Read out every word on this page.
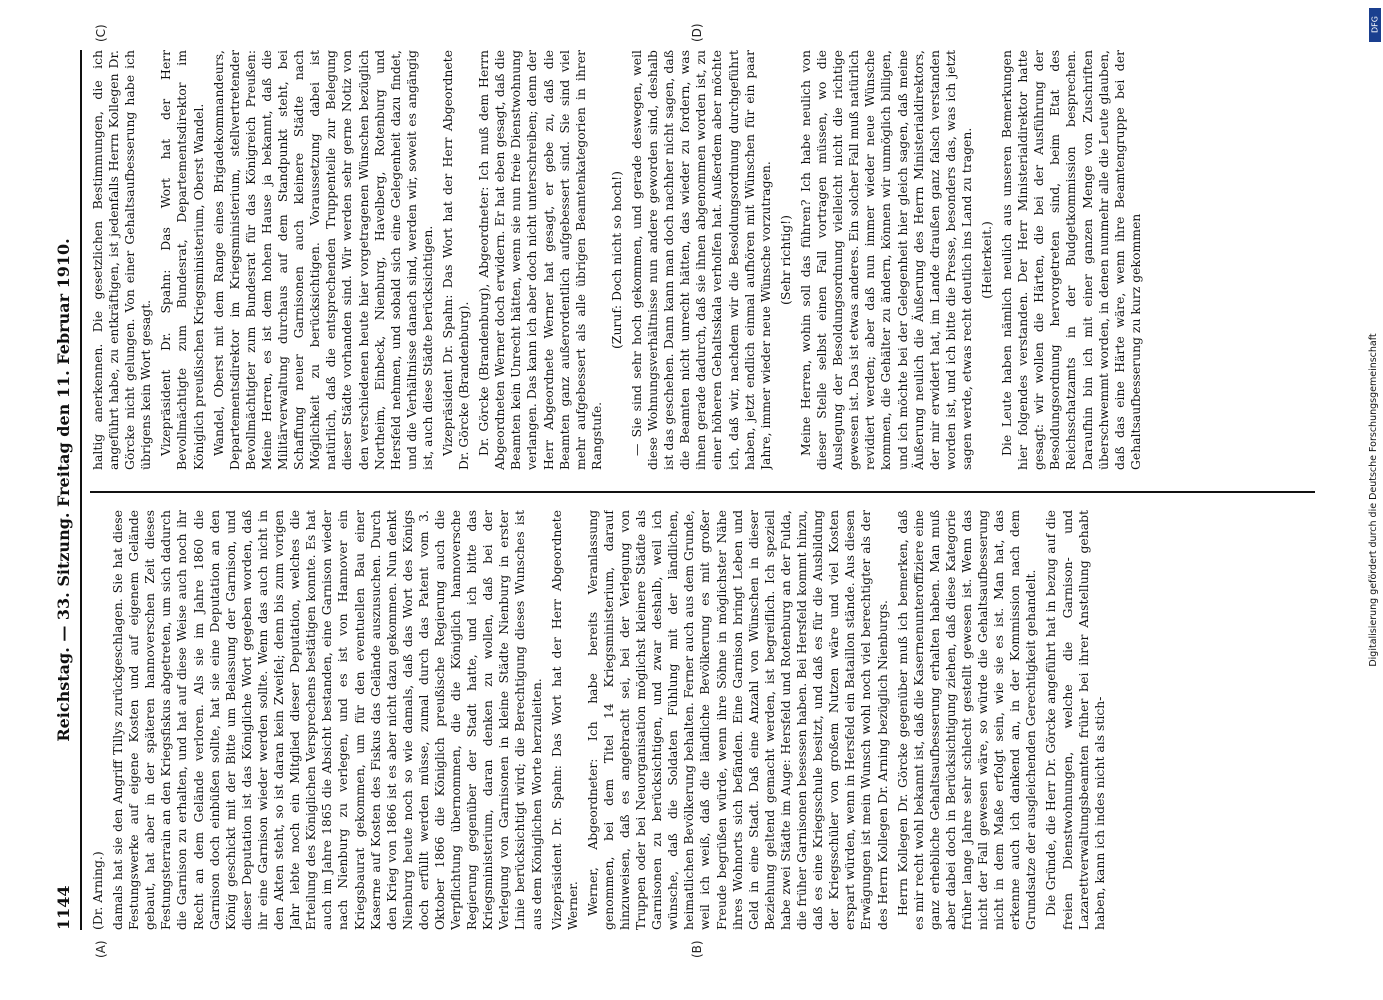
1144
Reichstag. — 33. Sitzung. Freitag den 11. Februar 1910.
(A)	(B)
(C)	(D)

(Dr. Arning.) damals hat sie den Angriff Tillys zurückgeschlagen. Sie hat diese Festungswerke auf eigene Kosten und auf eigenem Gelände gebaut, hat aber in der späteren hannoverschen Zeit dieses Festungsterrain an den Kriegsfiskus abgetreten, um sich dadurch die Garnison zu erhalten, und hat auf diese Weise auch noch ihr Recht an dem Gelände verloren. Als sie im Jahre 1860 die Garnison doch einbüßen sollte, hat sie eine Deputation an den König geschickt mit der Bitte um Belassung der Garnison, und dieser Deputation ist das Königliche Wort gegeben worden, daß ihr eine Garnison wieder werden sollte. Wenn das auch nicht in den Akten steht, so ist daran kein Zweifel; denn bis zum vorigen Jahr lebte noch ein Mitglied dieser Deputation, welches die Erteilung des Königlichen Versprechens bestätigen konnte. Es hat auch im Jahre 1865 die Absicht bestanden, eine Garnison wieder nach Nienburg zu verlegen, und es ist von Hannover ein Kriegsbaurat gekommen, um für den eventuellen Bau einer Kaserne auf Kosten des Fiskus das Gelände auszusuchen. Durch den Krieg von 1866 ist es aber nicht dazu gekommen. Nun denkt Nienburg heute noch so wie damals, daß das Wort des Königs doch erfüllt werden müsse, zumal durch das Patent vom 3. Oktober 1866 die Königlich preußische Regierung auch die Verpflichtung übernommen, die die Königlich hannoversche Regierung gegenüber der Stadt hatte, und ich bitte das Kriegsministerium, daran denken zu wollen, daß bei der Verlegung von Garnisonen in kleine Städte Nienburg in erster Linie berücksichtigt wird; die Berechtigung dieses Wunsches ist aus dem Königlichen Worte herzuleiten. Vizepräsident Dr. Spahn: Das Wort hat der Herr Abgeordnete Werner. Werner, Abgeordneter: Ich habe bereits Veranlassung genommen, bei dem Titel 14 Kriegsministerium, darauf hinzuweisen, daß es angebracht sei, bei der Verlegung von Truppen oder bei Neuorganisation möglichst kleinere Städte als Garnisonen zu berücksichtigen, und zwar deshalb, weil ich wünsche, daß die Soldaten Fühlung mit der ländlichen, heimatlichen Bevölkerung behalten. Ferner auch aus dem Grunde, weil ich weiß, daß die ländliche Bevölkerung es mit großer Freude begrüßen würde, wenn ihre Söhne in möglichster Nähe ihres Wohnorts sich befänden. Eine Garnison bringt Leben und Geld in eine Stadt. Daß eine Anzahl von Wünschen in dieser Beziehung geltend gemacht werden, ist begreiflich. Ich speziell habe zwei Städte im Auge: Hersfeld und Rotenburg an der Fulda, die früher Garnisonen besessen haben. Bei Hersfeld kommt hinzu, daß es eine Kriegsschule besitzt, und daß es für die Ausbildung der Kriegsschüler von großem Nutzen wäre und viel Kosten erspart würden, wenn in Hersfeld ein Bataillon stände. Aus diesen Erwägungen ist mein Wunsch wohl noch viel berechtigter als der des Herrn Kollegen Dr. Arning bezüglich Nienburgs. Herrn Kollegen Dr. Görcke gegenüber muß ich bemerken, daß es mir recht wohl bekannt ist, daß die Kasernenunteroffiziere eine ganz erhebliche Gehaltsaufbesserung erhalten haben. Man muß aber dabei doch in Berücksichtigung ziehen, daß diese Kategorie früher lange Jahre sehr schlecht gestellt gewesen ist. Wenn das nicht der Fall gewesen wäre, so würde die Gehaltsaufbesserung nicht in dem Maße erfolgt sein, wie sie es ist. Man hat, das erkenne auch ich dankend an, in der Kommission nach dem Grundsatze der ausgleichenden Gerechtigkeit gehandelt. Die Gründe, die Herr Dr. Görcke angeführt hat in bezug auf die freien Dienstwohnungen, welche die Garnison- und Lazarettverwaltungsbeamten früher bei ihrer Anstellung gehabt haben, kann ich indes nicht als stich-

haltig anerkennen. Die gesetzlichen Bestimmungen, die ich angeführt habe, zu entkräftigen, ist jedenfalls Herrn Kollegen Dr. Görcke nicht gelungen. Von einer Gehaltsaufbesserung habe ich übrigens kein Wort gesagt. Vizepräsident Dr. Spahn: Das Wort hat der Herr Bevollmächtigte zum Bundesrat, Departementsdirektor im Königlich preußischen Kriegsministerium, Oberst Wandel. Wandel, Oberst mit dem Range eines Brigadekommandeurs, Departementsdirektor im Kriegsministerium, stellvertretender Bevollmächtigter zum Bundesrat für das Königreich Preußen: Meine Herren, es ist dem hohen Hause ja bekannt, daß die Militärverwaltung durchaus auf dem Standpunkt steht, bei Schaffung neuer Garnisonen auch kleinere Städte nach Möglichkeit zu berücksichtigen. Voraussetzung dabei ist natürlich, daß die entsprechenden Truppenteile zur Belegung dieser Städte vorhanden sind. Wir werden sehr gerne Notiz von den verschiedenen heute hier vorgetragenen Wünschen bezüglich Northeim, Einbeck, Nienburg, Havelberg, Rotenburg und Hersfeld nehmen, und sobald sich eine Gelegenheit dazu findet, und die Verhältnisse danach sind, werden wir, soweit es angängig ist, auch diese Städte berücksichtigen. Vizepräsident Dr. Spahn: Das Wort hat der Herr Abgeordnete Dr. Görcke (Brandenburg). Dr. Görcke (Brandenburg), Abgeordneter: Ich muß dem Herrn Abgeordneten Werner doch erwidern. Er hat eben gesagt, daß die Beamten kein Unrecht hätten, wenn sie nun freie Dienstwohnung verlangen. Das kann ich aber doch nicht unterschreiben; denn der Herr Abgeordnete Werner hat gesagt, er gebe zu, daß die Beamten ganz außerordentlich aufgebessert sind. Sie sind viel mehr aufgebessert als alle übrigen Beamtenkategorien in ihrer Rangstufe.

(Zuruf: Doch nicht so hoch!) — Sie sind sehr hoch gekommen, und gerade deswegen, weil diese Wohnungsverhältnisse nun andere geworden sind, deshalb ist das geschehen. Dann kann man doch nachher nicht sagen, daß die Beamten nicht unrecht hätten, das wieder zu fordern, was ihnen gerade dadurch, daß sie ihnen abgenommen worden ist, zu einer höheren Gehaltsskala verholfen hat. Außerdem aber möchte ich, daß wir, nachdem wir die Besoldungsordnung durchgeführt haben, jetzt endlich einmal aufhören mit Wünschen für ein paar Jahre, immer wieder neue Wünsche vorzutragen. (Sehr richtig!) Meine Herren, wohin soll das führen? Ich habe neulich von dieser Stelle selbst einen Fall vortragen müssen, wo die Auslegung der Besoldungsordnung vielleicht nicht die richtige gewesen ist. Das ist etwas anderes. Ein solcher Fall muß natürlich revidiert werden; aber daß nun immer wieder neue Wünsche kommen, die Gehälter zu ändern, können wir unmöglich billigen, und ich möchte bei der Gelegenheit hier gleich sagen, daß meine Äußerung neulich die Äußerung des Herrn Ministerialdirektors, der mir erwidert hat, im Lande draußen ganz falsch verstanden worden ist, und ich bitte die Presse, besonders das, was ich jetzt sagen werde, etwas recht deutlich ins Land zu tragen. (Heiterkeit.) Die Leute haben nämlich neulich aus unseren Bemerkungen hier folgendes verstanden. Der Herr Ministerialdirektor hatte gesagt: wir wollen die Härten, die bei der Ausführung der Besoldungsordnung hervorgetreten sind, beim Etat des Reichsschatzamts in der Budgetkommission besprechen. Daraufhin bin ich mit einer ganzen Menge von Zuschriften überschwemmt worden, in denen nunmehr alle die Leute glauben, daß das eine Härte wäre, wenn ihre Beamtengruppe bei der Gehaltsaufbesserung zu kurz gekommen

DFG
Digitalisierung gefördert durch die Deutsche Forschungsgemeinschaft
